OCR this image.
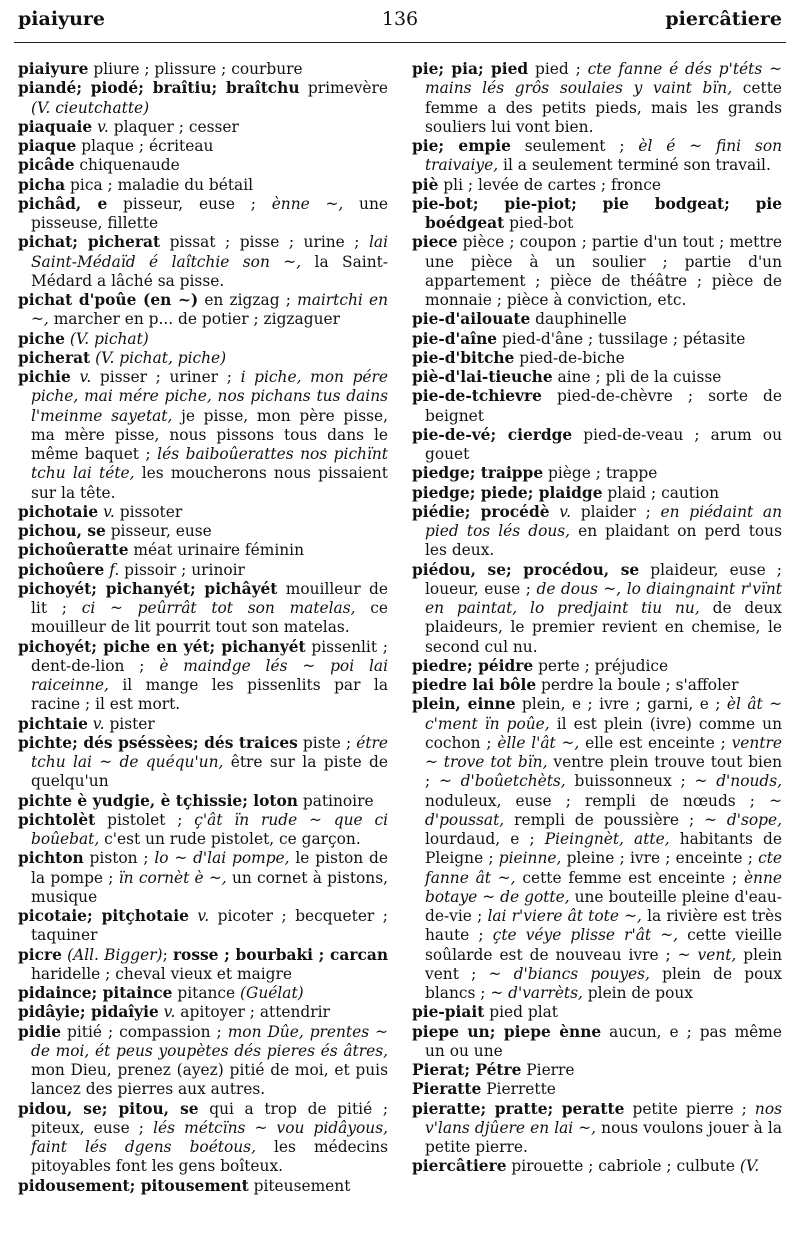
piaiyure	136	piercâtiere

piaiyure pliure ; plissure ; courbure

piandé; piodé; braîtiu; braîtchu primevère (V. cieutchatte)

piaquaie v. plaquer ; cesser

piaque plaque ; écriteau

picâde chiquenaude

picha pica ; maladie du bétail

pichâd, e pisseur, euse ; ènne ~, une pisseuse, fillette

pichat; picherat pissat ; pisse ; urine ; lai Saint-Médaïd é laîtchie son ~, la Saint-Médard a lâché sa pisse.

pichat d'poûe (en ~) en zigzag ; mairtchi en ~, marcher en p... de potier ; zigzaguer

piche (V. pichat)

picherat (V. pichat, piche)

pichie v. pisser ; uriner ; i piche, mon pére piche, mai mére piche, nos pichans tus dains l'meinme sayetat, je pisse, mon père pisse, ma mère pisse, nous pissons tous dans le même baquet ; lés baiboûerattes nos pichïnt tchu lai téte, les moucherons nous pissaient sur la tête.

pichotaie v. pissoter

pichou, se pisseur, euse

pichoûeratte méat urinaire féminin

pichoûere f. pissoir ; urinoir

pichoyét; pichanyét; pichâyét mouilleur de lit ; ci ~ peûrrât tot son matelas, ce mouilleur de lit pourrit tout son matelas.

pichoyét; piche en yét; pichanyét pissenlit ; dent-de-lion ; è maindge lés ~ poi lai raiceinne, il mange les pissenlits par la racine ; il est mort.

pichtaie v. pister

pichte; dés pséssèes; dés traices piste ; étre tchu lai ~ de quéqu'un, être sur la piste de quelqu'un

pichte è yudgie, è tçhissie; loton patinoire

pichtolèt pistolet ; ç'ât ïn rude ~ que ci boûebat, c'est un rude pistolet, ce garçon.

pichton piston ; lo ~ d'lai pompe, le piston de la pompe ; ïn cornèt è ~, un cornet à pistons, musique

picotaie; pitçhotaie v. picoter ; becqueter ; taquiner

picre (All. Bigger); rosse ; bourbaki ; carcan haridelle ; cheval vieux et maigre

pidaince; pitaince pitance (Guélat)

pidâyie; pidaîyie v. apitoyer ; attendrir

pidie pitié ; compassion ; mon Dûe, prentes ~ de moi, ét peus youpètes dés pieres és âtres, mon Dieu, prenez (ayez) pitié de moi, et puis lancez des pierres aux autres.

pidou, se; pitou, se qui a trop de pitié ; piteux, euse ; lés métcïns ~ vou pidâyous, faint lés dgens boétous, les médecins pitoyables font les gens boîteux.

pidousement; pitousement piteusement

pie; pia; pied pied ; cte fanne é dés p'téts ~ mains lés grôs soulaies y vaint bïn, cette femme a des petits pieds, mais les grands souliers lui vont bien.

pie; empie seulement ; èl é ~ fini son traivaiye, il a seulement terminé son travail.

piè pli ; levée de cartes ; fronce

pie-bot; pie-piot; pie bodgeat; pie boédgeat pied-bot

piece pièce ; coupon ; partie d'un tout ; mettre une pièce à un soulier ; partie d'un appartement ; pièce de théâtre ; pièce de monnaie ; pièce à conviction, etc.

pie-d'ailouate dauphinelle

pie-d'aîne pied-d'âne ; tussilage ; pétasite

pie-d'bitche pied-de-biche

piè-d'lai-tieuche aine ; pli de la cuisse

pie-de-tchievre pied-de-chèvre ; sorte de beignet

pie-de-vé; cierdge pied-de-veau ; arum ou gouet

piedge; traippe piège ; trappe

piedge; piede; plaidge plaid ; caution

piédie; procédè v. plaider ; en piédaint an pied tos lés dous, en plaidant on perd tous les deux.

piédou, se; procédou, se plaideur, euse ; loueur, euse ; de dous ~, lo diaingnaint r'vïnt en paintat, lo predjaint tiu nu, de deux plaideurs, le premier revient en chemise, le second cul nu.

piedre; péidre perte ; préjudice

piedre lai bôle perdre la boule ; s'affoler

plein, einne plein, e ; ivre ; garni, e ; èl ât ~ c'ment ïn poûe, il est plein (ivre) comme un cochon ; èlle l'ât ~, elle est enceinte ; ventre ~ trove tot bïn, ventre plein trouve tout bien ; ~ d'boûetchèts, buissonneux ; ~ d'nouds, noduleux, euse ; rempli de nœuds ; ~ d'poussat, rempli de poussière ; ~ d'sope, lourdaud, e ; Pieingnèt, atte, habitants de Pleigne ; pieinne, pleine ; ivre ; enceinte ; cte fanne ât ~, cette femme est enceinte ; ènne botaye ~ de gotte, une bouteille pleine d'eau-de-vie ; lai r'viere ât tote ~, la rivière est très haute ; çte véye plisse r'ât ~, cette vieille soûlarde est de nouveau ivre ; ~ vent, plein vent ; ~ d'biancs pouyes, plein de poux blancs ; ~ d'varrèts, plein de poux

pie-piait pied plat

piepe un; piepe ènne aucun, e ; pas même un ou une

Pierat; Pétre Pierre

Pieratte Pierrette

pieratte; pratte; peratte petite pierre ; nos v'lans djûere en lai ~, nous voulons jouer à la petite pierre.

piercâtiere pirouette ; cabriole ; culbute (V.
